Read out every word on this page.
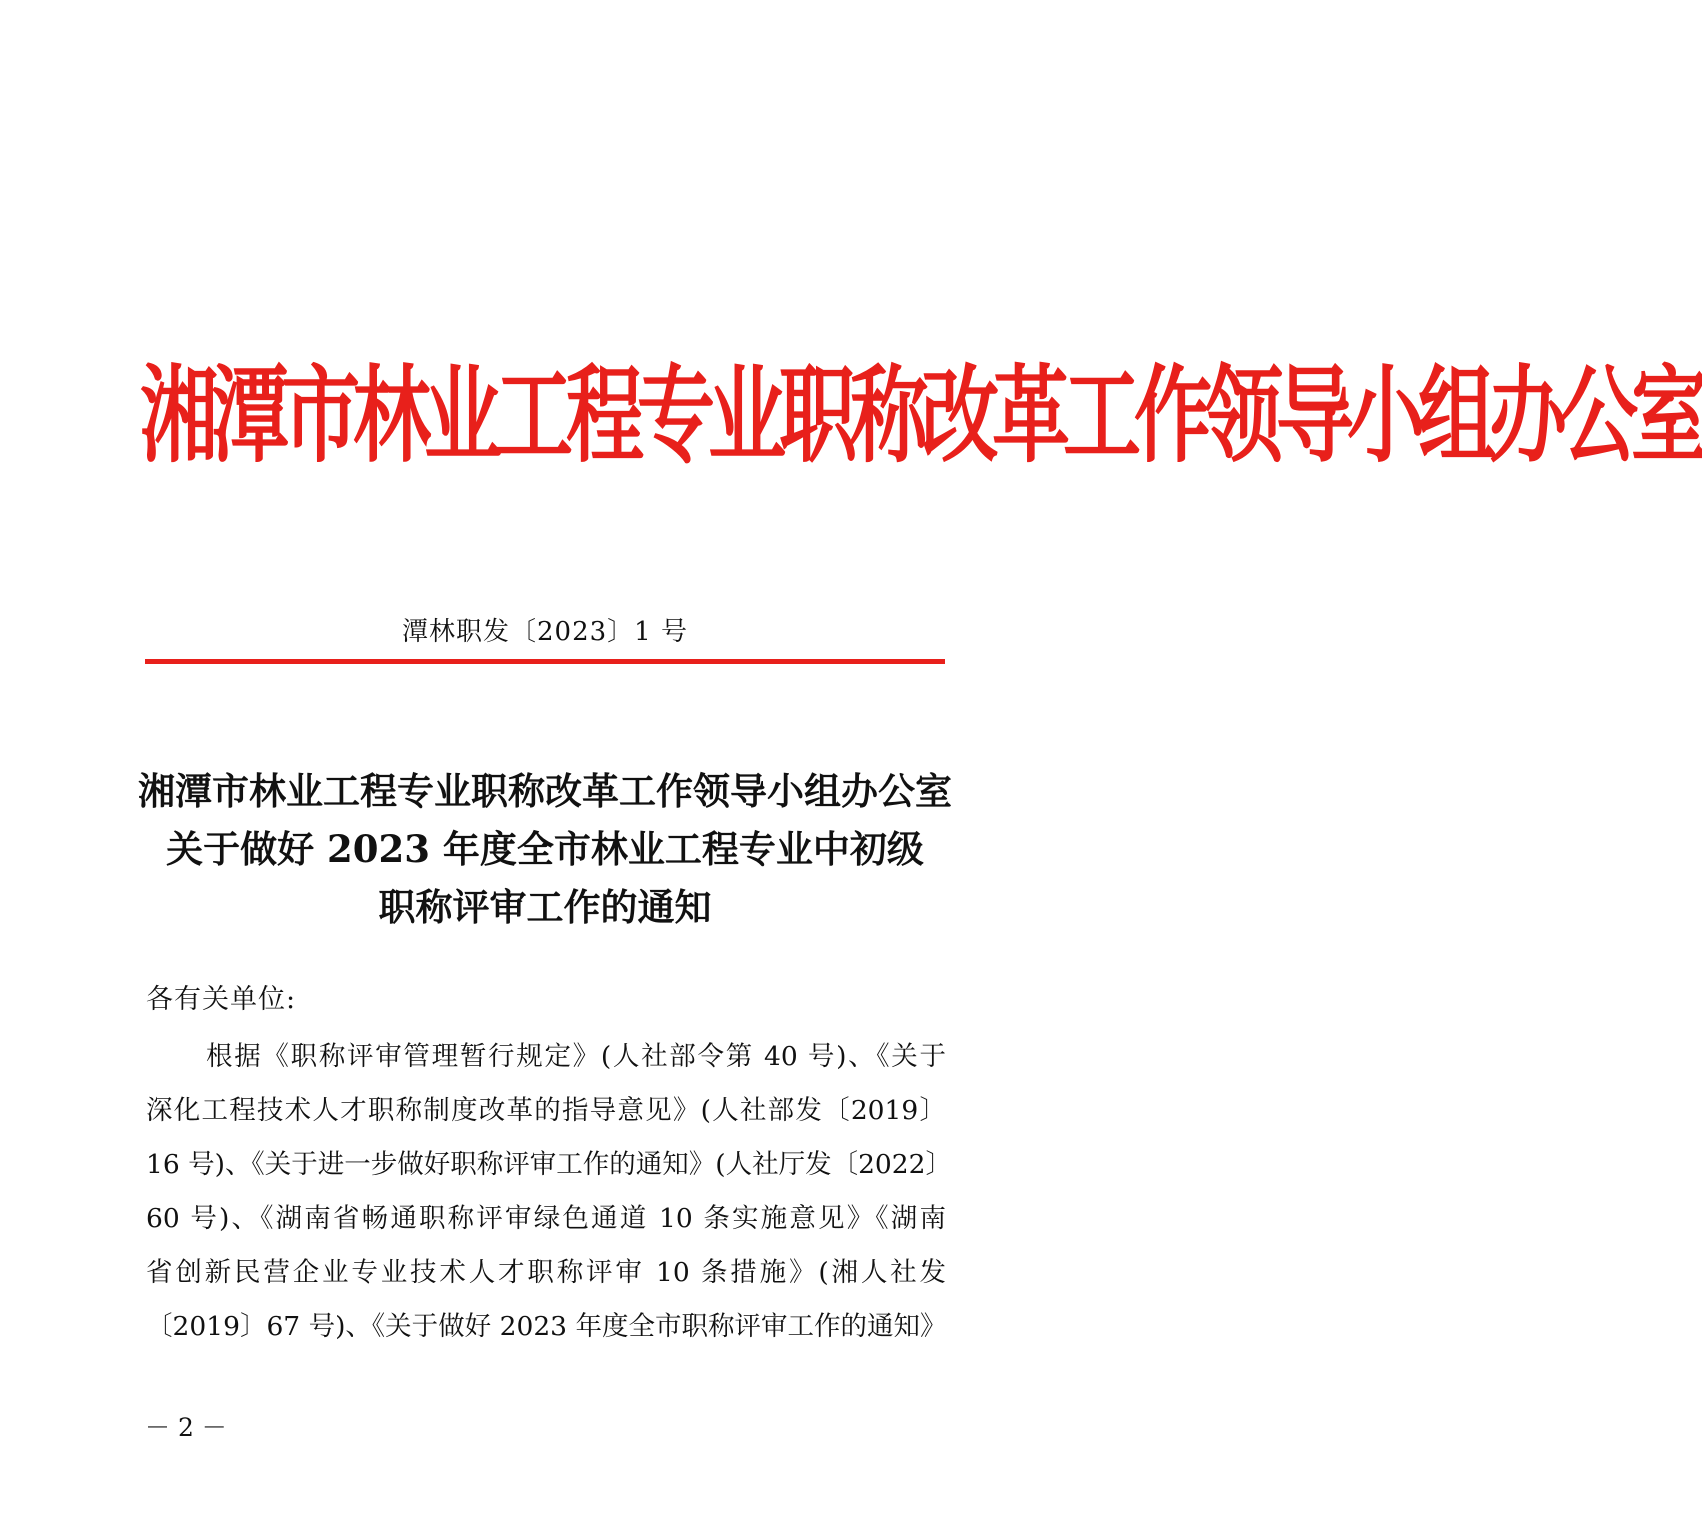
湘潭市林业工程专业职称改革工作领导小组办公室
潭林职发〔2023〕1 号
湘潭市林业工程专业职称改革工作领导小组办公室
关于做好 2023 年度全市林业工程专业中初级
职称评审工作的通知
各有关单位:
根据《职称评审管理暂行规定》(人社部令第 40 号)、《关于
深化工程技术人才职称制度改革的指导意见》(人社部发〔2019〕
16 号)、《关于进一步做好职称评审工作的通知》(人社厅发〔2022〕
60 号)、《湖南省畅通职称评审绿色通道 10 条实施意见》《湖南
省创新民营企业专业技术人才职称评审 10 条措施》(湘人社发
〔2019〕67 号)、《关于做好 2023 年度全市职称评审工作的通知》
－ 2 －
